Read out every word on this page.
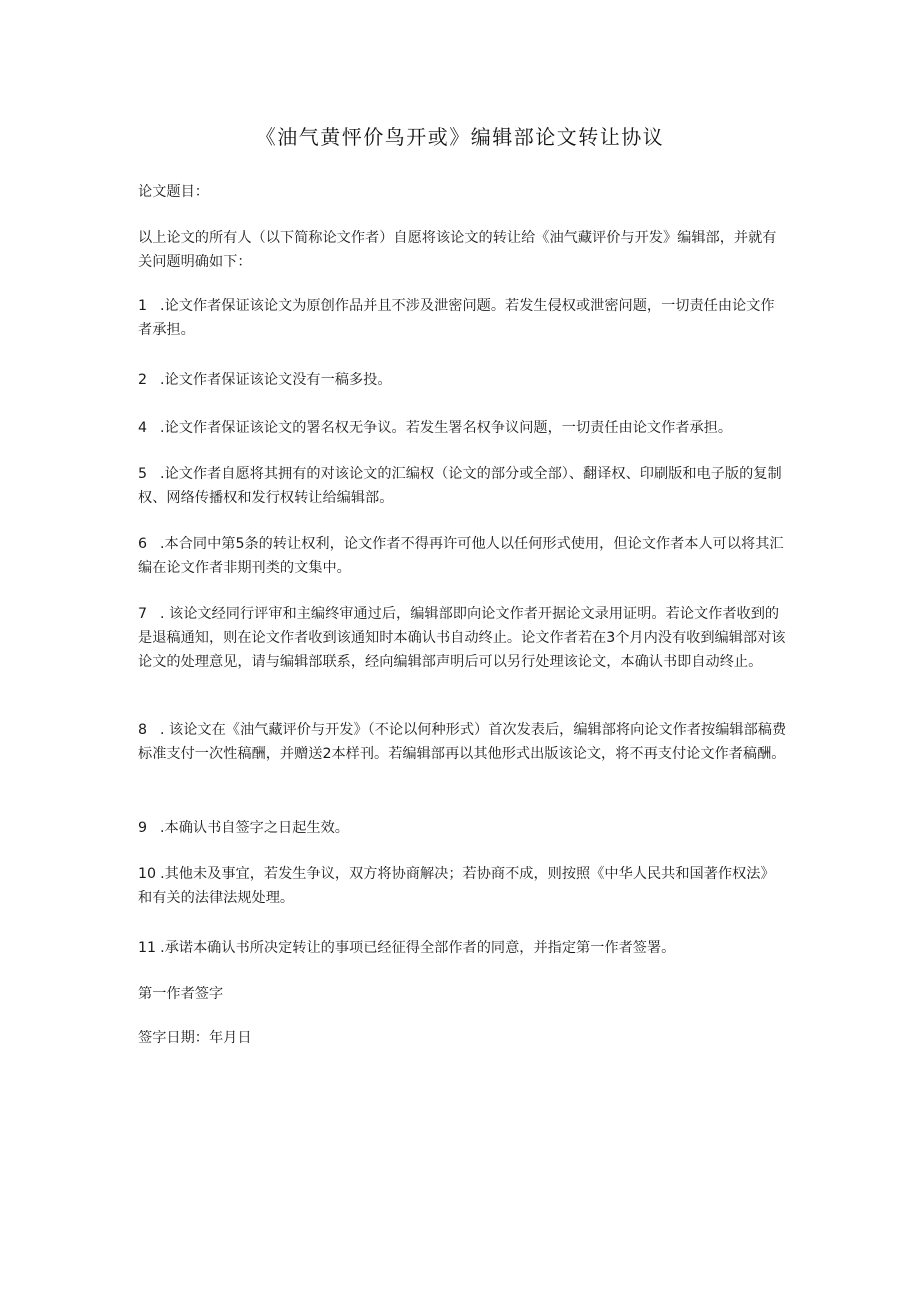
《油气黄怦价鸟开或》编辑部论文转让协议
论文题目：
以上论文的所有人（以下简称论文作者）自愿将该论文的转让给《油气藏评价与开发》编辑部，并就有关问题明确如下：
1 .论文作者保证该论文为原创作品并且不涉及泄密问题。若发生侵权或泄密问题，一切责任由论文作者承担。
2 .论文作者保证该论文没有一稿多投。
4 .论文作者保证该论文的署名权无争议。若发生署名权争议问题，一切责任由论文作者承担。
5 .论文作者自愿将其拥有的对该论文的汇编权（论文的部分或全部）、翻译权、印刷版和电子版的复制权、网络传播权和发行权转让给编辑部。
6 .本合同中第5条的转让权利，论文作者不得再许可他人以任何形式使用，但论文作者本人可以将其汇编在论文作者非期刊类的文集中。
7 . 该论文经同行评审和主编终审通过后，编辑部即向论文作者开据论文录用证明。若论文作者收到的是退稿通知，则在论文作者收到该通知时本确认书自动终止。论文作者若在3个月内没有收到编辑部对该论文的处理意见，请与编辑部联系，经向编辑部声明后可以另行处理该论文，本确认书即自动终止。
8 . 该论文在《油气藏评价与开发》（不论以何种形式）首次发表后，编辑部将向论文作者按编辑部稿费标准支付一次性稿酬，并赠送2本样刊。若编辑部再以其他形式出版该论文，将不再支付论文作者稿酬。
9 .本确认书自签字之日起生效。
10 .其他未及事宜，若发生争议，双方将协商解决；若协商不成，则按照《中华人民共和国著作权法》和有关的法律法规处理。
11 .承诺本确认书所决定转让的事项已经征得全部作者的同意，并指定第一作者签署。
第一作者签字
签字日期：年月日
